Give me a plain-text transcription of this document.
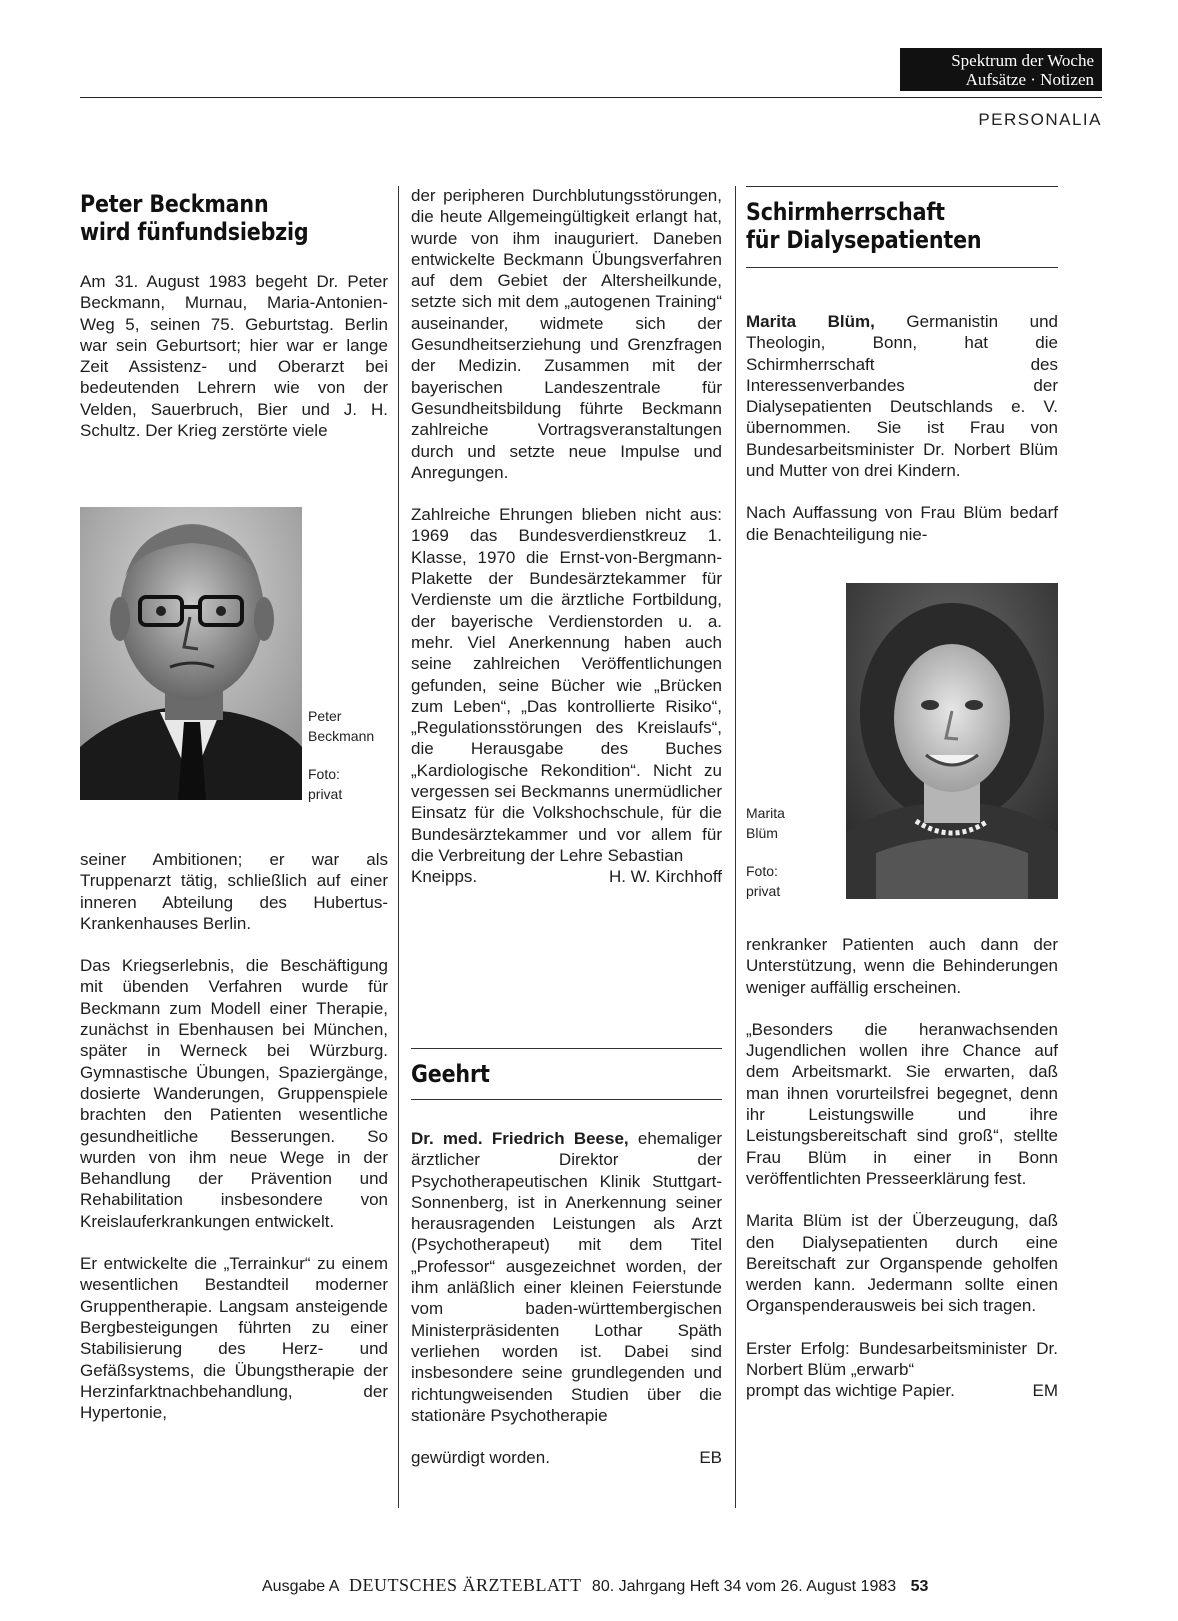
Spektrum der Woche
Aufsätze · Notizen
PERSONALIA
Peter Beckmann
wird fünfundsiebzig

Am 31. August 1983 begeht Dr. Peter Beckmann, Murnau, Maria-Antonien-Weg 5, seinen 75. Geburtstag. Berlin war sein Geburtsort; hier war er lange Zeit Assistenz- und Oberarzt bei bedeutenden Lehrern wie von der Velden, Sauerbruch, Bier und J. H. Schultz. Der Krieg zerstörte viele

Peter
Beckmann
Foto:
privat

seiner Ambitionen; er war als Truppenarzt tätig, schließlich auf einer inneren Abteilung des Hubertus-Krankenhauses Berlin.

Das Kriegserlebnis, die Beschäftigung mit übenden Verfahren wurde für Beckmann zum Modell einer Therapie, zunächst in Ebenhausen bei München, später in Werneck bei Würzburg. Gymnastische Übungen, Spaziergänge, dosierte Wanderungen, Gruppenspiele brachten den Patienten wesentliche gesundheitliche Besserungen. So wurden von ihm neue Wege in der Behandlung der Prävention und Rehabilitation insbesondere von Kreislauferkrankungen entwickelt.

Er entwickelte die „Terrainkur“ zu einem wesentlichen Bestandteil moderner Gruppentherapie. Langsam ansteigende Bergbesteigungen führten zu einer Stabilisierung des Herz- und Gefäßsystems, die Übungstherapie der Herzinfarktnachbehandlung, der Hypertonie,

der peripheren Durchblutungsstörungen, die heute Allgemeingültigkeit erlangt hat, wurde von ihm inauguriert. Daneben entwickelte Beckmann Übungsverfahren auf dem Gebiet der Altersheilkunde, setzte sich mit dem „autogenen Training“ auseinander, widmete sich der Gesundheitserziehung und Grenzfragen der Medizin. Zusammen mit der bayerischen Landeszentrale für Gesundheitsbildung führte Beckmann zahlreiche Vortragsveranstaltungen durch und setzte neue Impulse und Anregungen.

Zahlreiche Ehrungen blieben nicht aus: 1969 das Bundesverdienstkreuz 1. Klasse, 1970 die Ernst-von-Bergmann-Plakette der Bundesärztekammer für Verdienste um die ärztliche Fortbildung, der bayerische Verdienstorden u. a. mehr. Viel Anerkennung haben auch seine zahlreichen Veröffentlichungen gefunden, seine Bücher wie „Brücken zum Leben“, „Das kontrollierte Risiko“, „Regulationsstörungen des Kreislaufs“, die Herausgabe des Buches „Kardiologische Rekondition“. Nicht zu vergessen sei Beckmanns unermüdlicher Einsatz für die Volkshochschule, für die Bundesärztekammer und vor allem für die Verbreitung der Lehre Sebastian

Kneipps.	H. W. Kirchhoff
Geehrt

Dr. med. Friedrich Beese, ehemaliger ärztlicher Direktor der Psychotherapeutischen Klinik Stuttgart-Sonnenberg, ist in Anerkennung seiner herausragenden Leistungen als Arzt (Psychotherapeut) mit dem Titel „Professor“ ausgezeichnet worden, der ihm anläßlich einer kleinen Feierstunde vom baden-württembergischen Ministerpräsidenten Lothar Späth verliehen worden ist. Dabei sind insbesondere seine grundlegenden und richtungweisenden Studien über die stationäre Psychotherapie

gewürdigt worden.	EB
Schirmherrschaft
für Dialysepatienten

Marita Blüm, Germanistin und Theologin, Bonn, hat die Schirmherrschaft des Interessenverbandes der Dialysepatienten Deutschlands e. V. übernommen. Sie ist Frau von Bundesarbeitsminister Dr. Norbert Blüm und Mutter von drei Kindern.

Nach Auffassung von Frau Blüm bedarf die Benachteiligung nie-

Marita
Blüm
Foto:
privat

renkranker Patienten auch dann der Unterstützung, wenn die Behinderungen weniger auffällig erscheinen.

„Besonders die heranwachsenden Jugendlichen wollen ihre Chance auf dem Arbeitsmarkt. Sie erwarten, daß man ihnen vorurteilsfrei begegnet, denn ihr Leistungswille und ihre Leistungsbereitschaft sind groß“, stellte Frau Blüm in einer in Bonn veröffentlichten Presseerklärung fest.

Marita Blüm ist der Überzeugung, daß den Dialysepatienten durch eine Bereitschaft zur Organspende geholfen werden kann. Jedermann sollte einen Organspenderausweis bei sich tragen.

Erster Erfolg: Bundesarbeitsminister Dr. Norbert Blüm „erwarb“

prompt das wichtige Papier.	EM
Ausgabe A DEUTSCHES ÄRZTEBLATT 80. Jahrgang Heft 34 vom 26. August 1983 53
